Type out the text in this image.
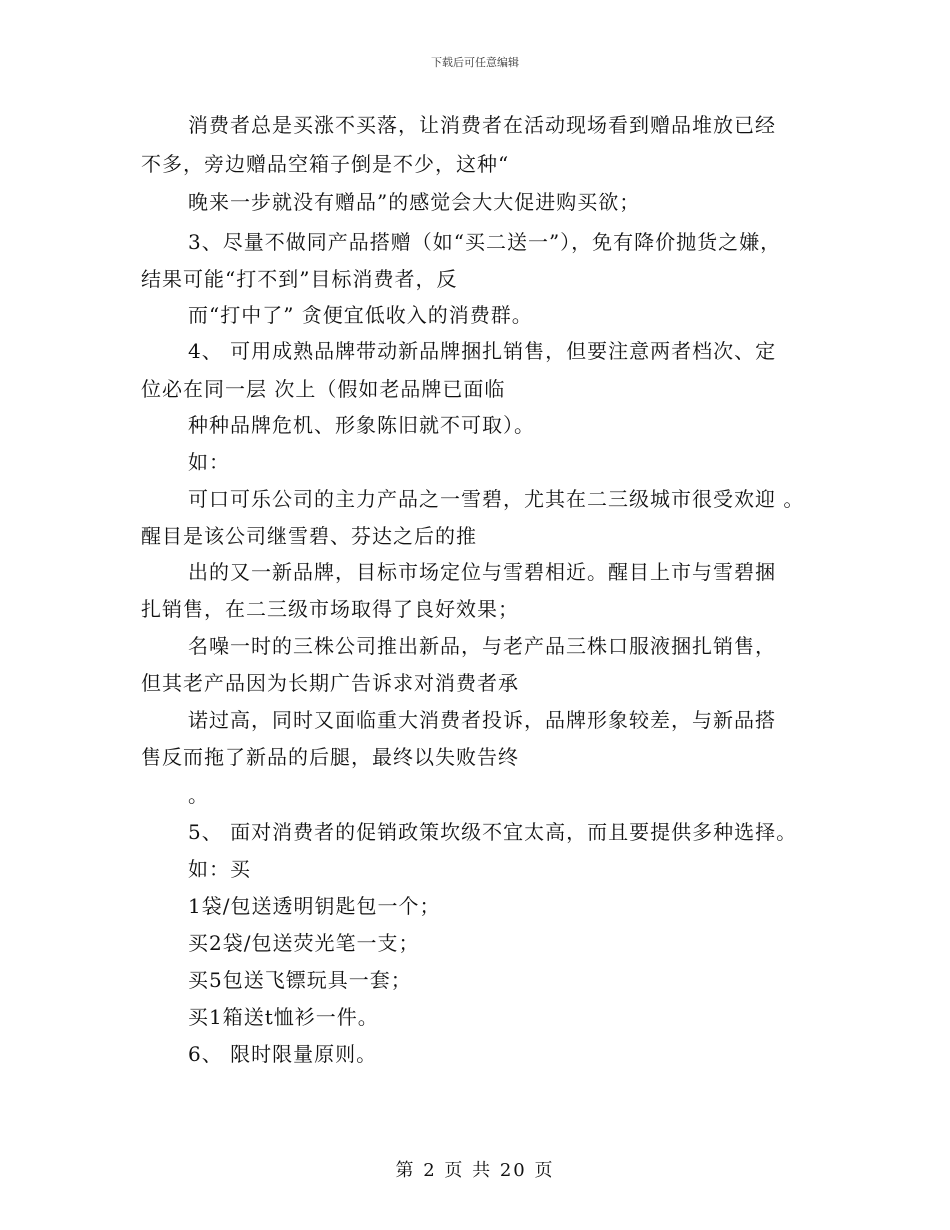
下载后可任意编辑
消费者总是买涨不买落，让消费者在活动现场看到赠品堆放已经
不多，旁边赠品空箱子倒是不少，这种“
晚来一步就没有赠品”的感觉会大大促进购买欲；
3、尽量不做同产品搭赠（如“买二送一”），免有降价抛货之嫌，
结果可能“打不到”目标消费者，反
而“打中了” 贪便宜低收入的消费群。
4、 可用成熟品牌带动新品牌捆扎销售，但要注意两者档次、定
位必在同一层 次上（假如老品牌已面临
种种品牌危机、形象陈旧就不可取）。
如：
可口可乐公司的主力产品之一雪碧，尤其在二三级城市很受欢迎 。
醒目是该公司继雪碧、芬达之后的推
出的又一新品牌，目标市场定位与雪碧相近。醒目上市与雪碧捆
扎销售，在二三级市场取得了良好效果；
名噪一时的三株公司推出新品，与老产品三株口服液捆扎销售，
但其老产品因为长期广告诉求对消费者承
诺过高，同时又面临重大消费者投诉，品牌形象较差，与新品搭
售反而拖了新品的后腿，最终以失败告终
。
5、 面对消费者的促销政策坎级不宜太高，而且要提供多种选择。
如：买
1袋/包送透明钥匙包一个；
买2袋/包送荧光笔一支；
买5包送飞镖玩具一套；
买1箱送t恤衫一件。
6、 限时限量原则。
第 2 页 共 20 页
